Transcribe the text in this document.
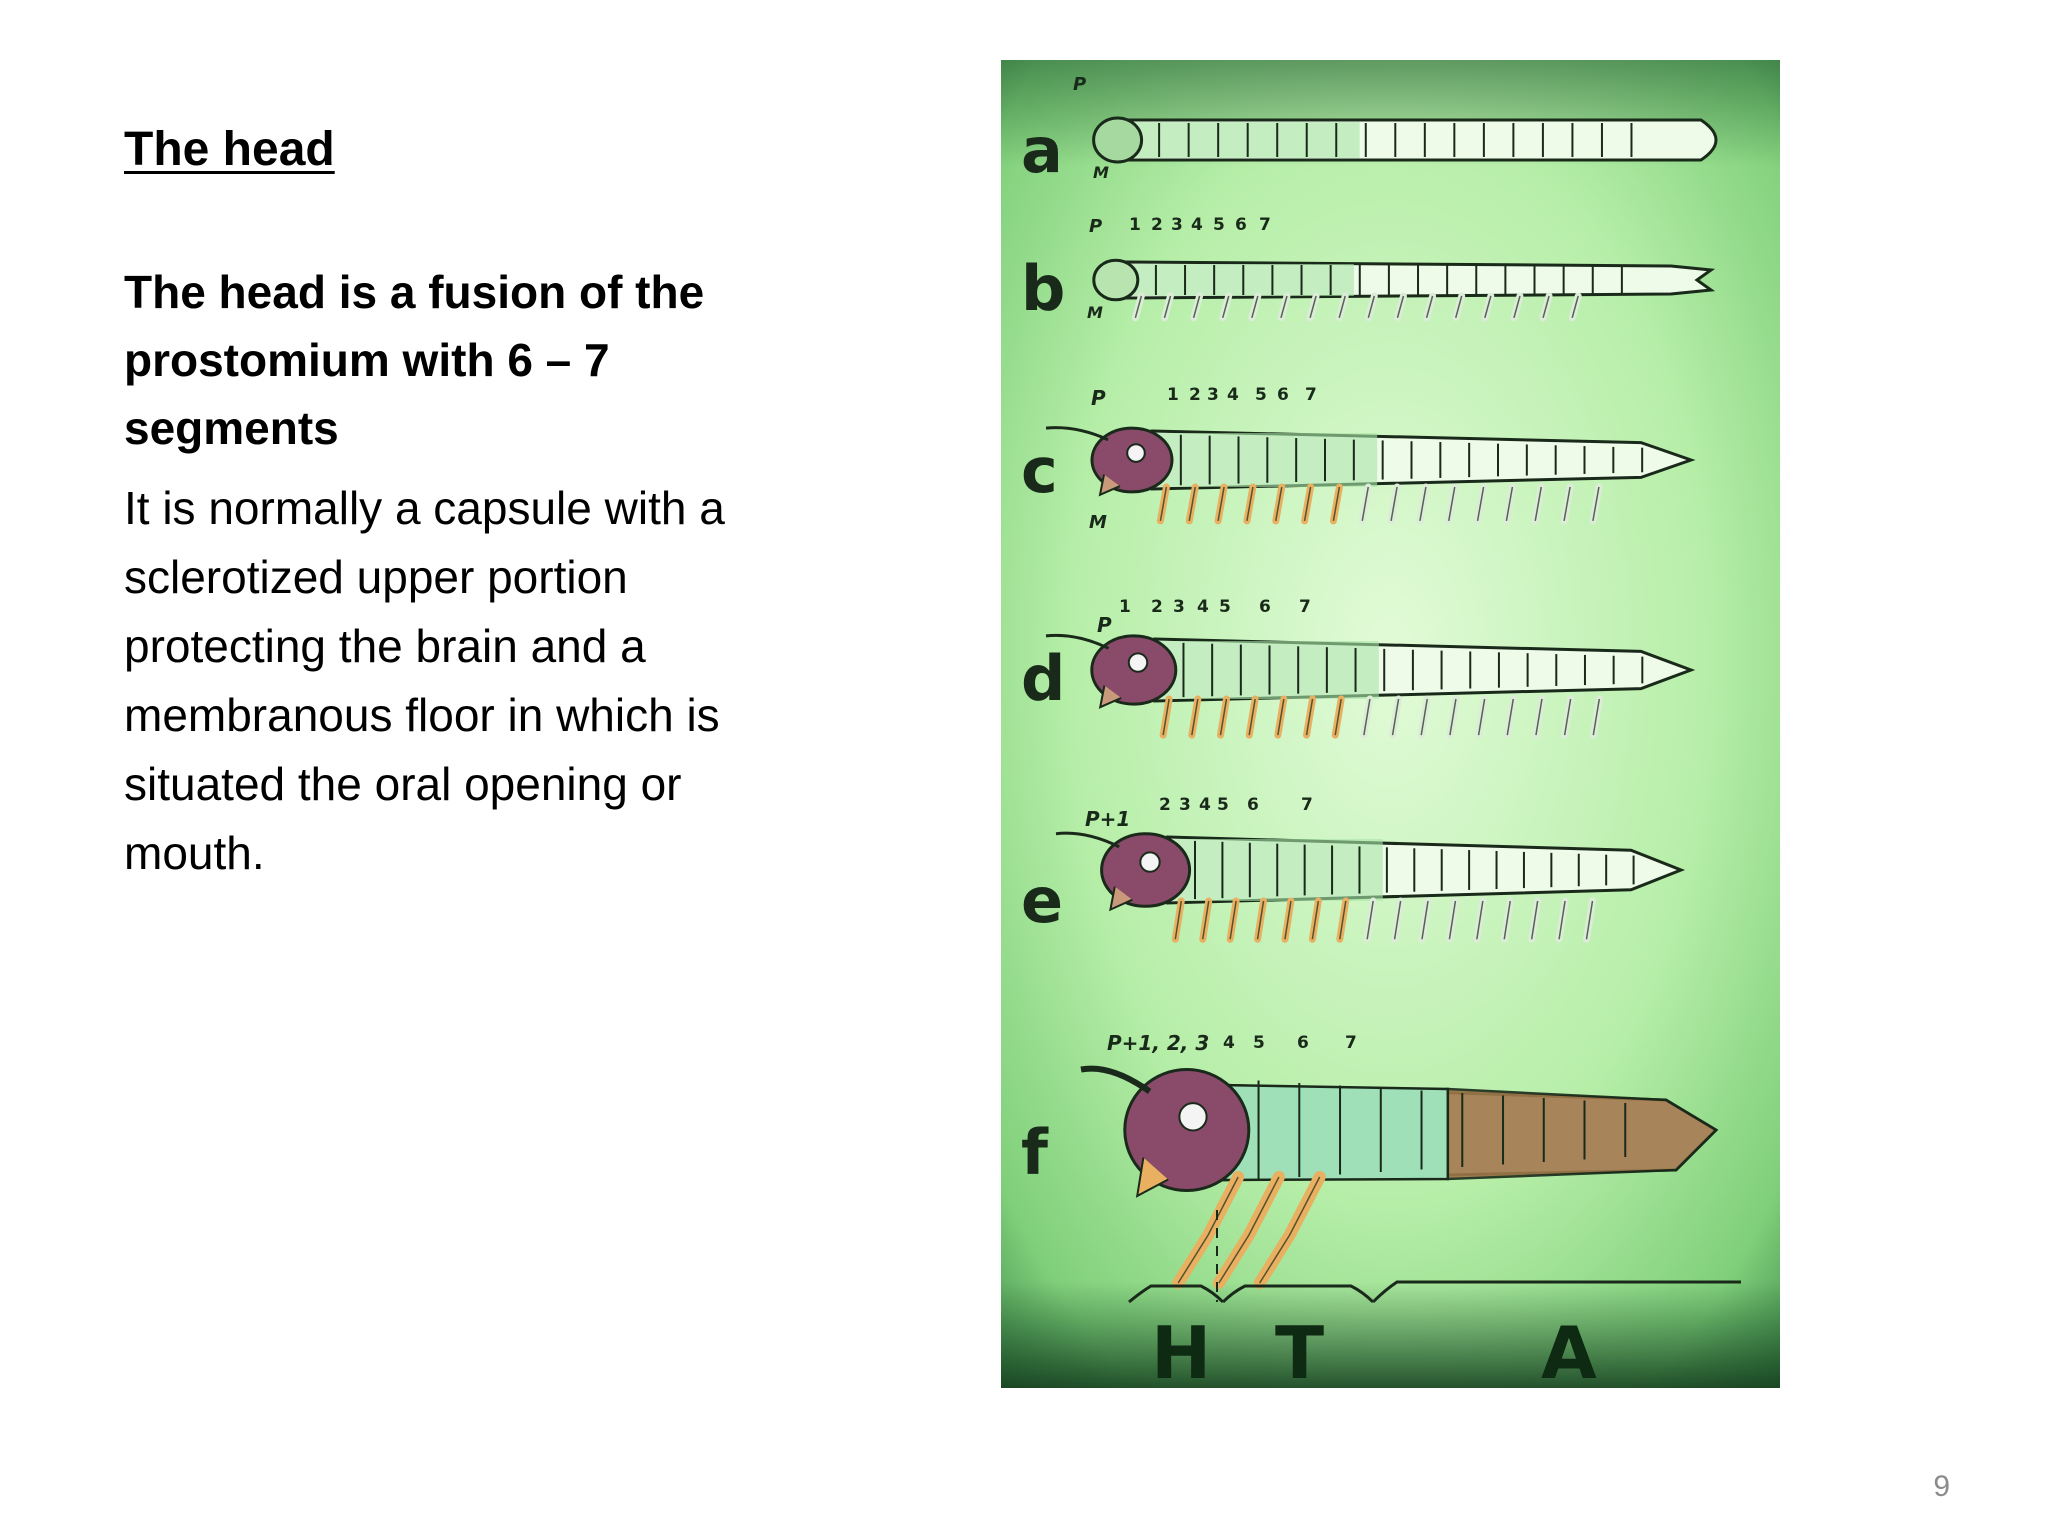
The head

The head is a fusion of the prostomium with 6 – 7 segments

It is normally a capsule with a sclerotized upper portion protecting the brain and a membranous floor in which is situated the oral opening or mouth.

a
b
c
d
e
f
P
M
P
M
P
M
P
P+1
P+1, 2, 3
1 2 3 4 5 6 7
1 2 3 4 5 6 7
1 2 3 4 5 6 7
2 3 4 5 6 7
4 5 6 7
H T	A
9
